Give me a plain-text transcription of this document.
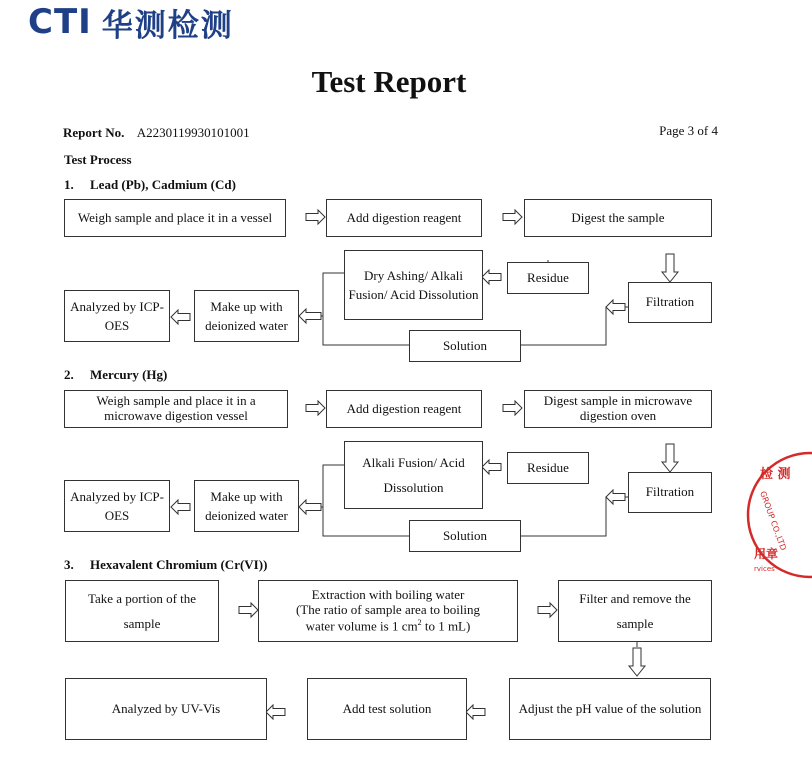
CTI 华测检测
Test Report
Report No. A2230119930101001	Page 3 of 4
Test Process
1. Lead (Pb), Cadmium (Cd)
2. Mercury (Hg)
3. Hexavalent Chromium (Cr(VI))
Weigh sample and place it in a vessel	Add digestion reagent	Digest the sample
Filtration
Residue
Dry Ashing/ Alkali Fusion/ Acid Dissolution
Solution
Make up with deionized water
Analyzed by ICP-OES
Weigh sample and place it in a microwave digestion vessel	Add digestion reagent	Digest sample in microwave digestion oven
Filtration
Residue
Alkali Fusion/ Acid Dissolution
Solution
Make up with deionized water
Analyzed by ICP-OES
Take a portion of the sample
Extraction with boiling water
(The ratio of sample area to boiling
water volume is 1 $cm^2$ to 1 mL)
Filter and remove the sample
Adjust the pH value of the solution
Add test solution
Analyzed by UV-Vis
检 测
GROUP CO.,LTD
用章
rvices
